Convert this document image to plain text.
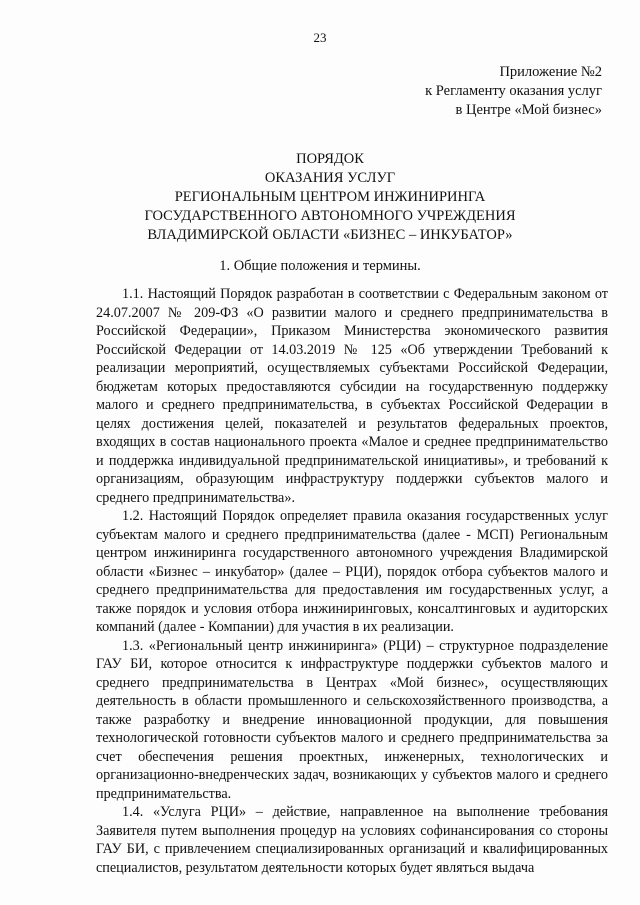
23
Приложение №2
к Регламенту оказания услуг
в Центре «Мой бизнес»
ПОРЯДОК
ОКАЗАНИЯ УСЛУГ
РЕГИОНАЛЬНЫМ ЦЕНТРОМ ИНЖИНИРИНГА
ГОСУДАРСТВЕННОГО АВТОНОМНОГО УЧРЕЖДЕНИЯ
ВЛАДИМИРСКОЙ ОБЛАСТИ «БИЗНЕС – ИНКУБАТОР»
1. Общие положения и термины.

1.1. Настоящий Порядок разработан в соответствии с Федеральным законом от 24.07.2007 № 209-ФЗ «О развитии малого и среднего предпринимательства в Российской Федерации», Приказом Министерства экономического развития Российской Федерации от 14.03.2019 № 125 «Об утверждении Требований к реализации мероприятий, осуществляемых субъектами Российской Федерации, бюджетам которых предоставляются субсидии на государственную поддержку малого и среднего предпринимательства, в субъектах Российской Федерации в целях достижения целей, показателей и результатов федеральных проектов, входящих в состав национального проекта «Малое и среднее предпринимательство и поддержка индивидуальной предпринимательской инициативы», и требований к организациям, образующим инфраструктуру поддержки субъектов малого и среднего предпринимательства».

1.2. Настоящий Порядок определяет правила оказания государственных услуг субъектам малого и среднего предпринимательства (далее - МСП) Региональным центром инжиниринга государственного автономного учреждения Владимирской области «Бизнес – инкубатор» (далее – РЦИ), порядок отбора субъектов малого и среднего предпринимательства для предоставления им государственных услуг, а также порядок и условия отбора инжиниринговых, консалтинговых и аудиторских компаний (далее - Компании) для участия в их реализации.

1.3. «Региональный центр инжиниринга» (РЦИ) – структурное подразделение ГАУ БИ, которое относится к инфраструктуре поддержки субъектов малого и среднего предпринимательства в Центрах «Мой бизнес», осуществляющих деятельность в области промышленного и сельскохозяйственного производства, а также разработку и внедрение инновационной продукции, для повышения технологической готовности субъектов малого и среднего предпринимательства за счет обеспечения решения проектных, инженерных, технологических и организационно-внедренческих задач, возникающих у субъектов малого и среднего предпринимательства.

1.4. «Услуга РЦИ» – действие, направленное на выполнение требования Заявителя путем выполнения процедур на условиях софинансирования со стороны ГАУ БИ, с привлечением специализированных организаций и квалифицированных специалистов, результатом деятельности которых будет являться выдача
